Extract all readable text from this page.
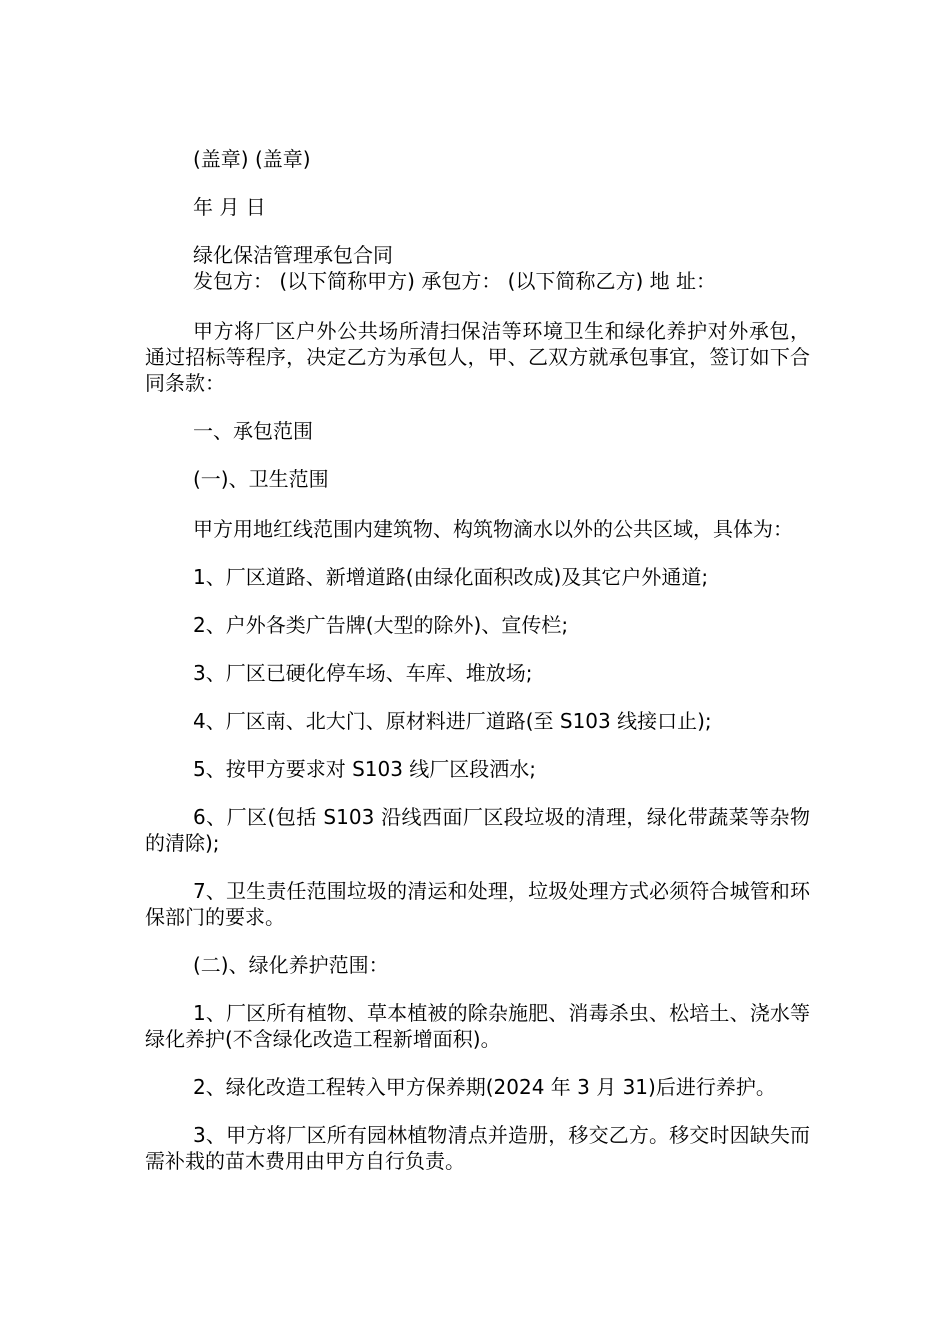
(盖章) (盖章)
年 月 日
绿化保洁管理承包合同
发包方： (以下简称甲方) 承包方： (以下简称乙方) 地 址：

甲方将厂区户外公共场所清扫保洁等环境卫生和绿化养护对外承包，通过招标等程序，决定乙方为承包人，甲、乙双方就承包事宜，签订如下合同条款：

一、承包范围
(一)、卫生范围

甲方用地红线范围内建筑物、构筑物滴水以外的公共区域，具体为：

1、厂区道路、新增道路(由绿化面积改成)及其它户外通道;

2、户外各类广告牌(大型的除外)、宣传栏;

3、厂区已硬化停车场、车库、堆放场;

4、厂区南、北大门、原材料进厂道路(至 S103 线接口止);

5、按甲方要求对 S103 线厂区段洒水;

6、厂区(包括 S103 沿线西面厂区段垃圾的清理，绿化带蔬菜等杂物的清除);

7、卫生责任范围垃圾的清运和处理，垃圾处理方式必须符合城管和环保部门的要求。

(二)、绿化养护范围：

1、厂区所有植物、草本植被的除杂施肥、消毒杀虫、松培土、浇水等绿化养护(不含绿化改造工程新增面积)。

2、绿化改造工程转入甲方保养期(2024 年 3 月 31)后进行养护。

3、甲方将厂区所有园林植物清点并造册，移交乙方。移交时因缺失而需补栽的苗木费用由甲方自行负责。
